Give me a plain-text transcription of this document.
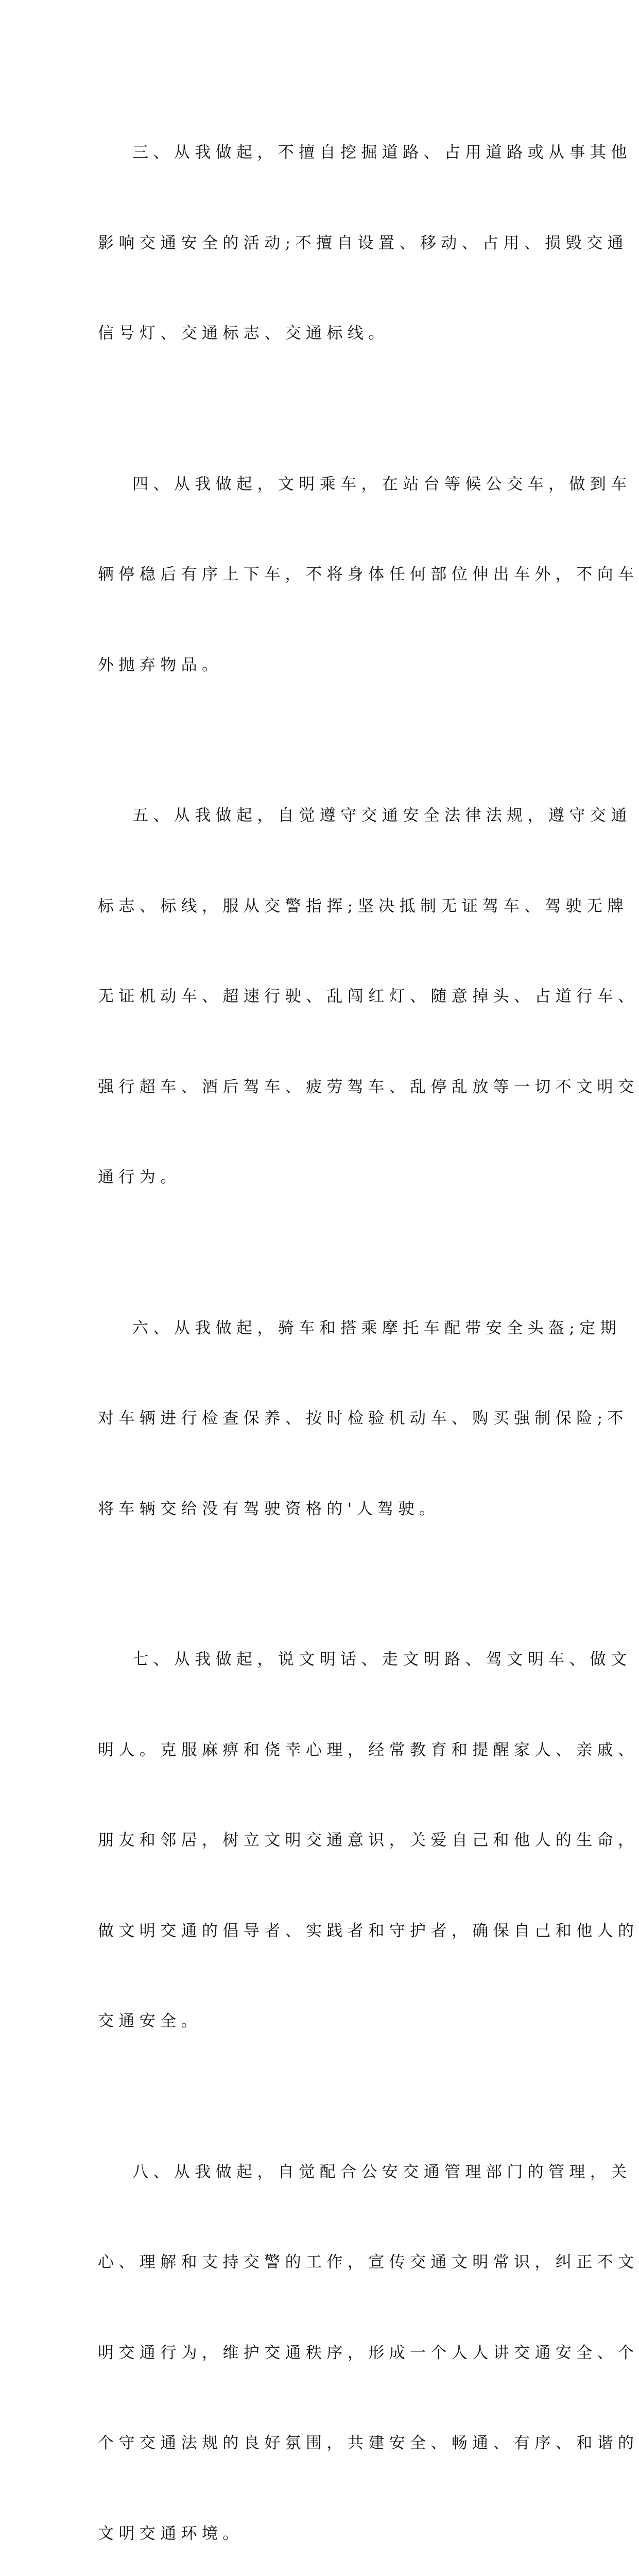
三、从我做起，不擅自挖掘道路、占用道路或从事其他

影响交通安全的活动;不擅自设置、移动、占用、损毁交通

信号灯、交通标志、交通标线。

四、从我做起，文明乘车，在站台等候公交车，做到车

辆停稳后有序上下车，不将身体任何部位伸出车外，不向车

外抛弃物品。

五、从我做起，自觉遵守交通安全法律法规，遵守交通

标志、标线，服从交警指挥;坚决抵制无证驾车、驾驶无牌

无证机动车、超速行驶、乱闯红灯、随意掉头、占道行车、

强行超车、酒后驾车、疲劳驾车、乱停乱放等一切不文明交

通行为。

六、从我做起，骑车和搭乘摩托车配带安全头盔;定期

对车辆进行检查保养、按时检验机动车、购买强制保险;不

将车辆交给没有驾驶资格的'人驾驶。

七、从我做起，说文明话、走文明路、驾文明车、做文

明人。克服麻痹和侥幸心理，经常教育和提醒家人、亲戚、

朋友和邻居，树立文明交通意识，关爱自己和他人的生命，

做文明交通的倡导者、实践者和守护者，确保自己和他人的

交通安全。

八、从我做起，自觉配合公安交通管理部门的管理，关

心、理解和支持交警的工作，宣传交通文明常识，纠正不文

明交通行为，维护交通秩序，形成一个人人讲交通安全、个

个守交通法规的良好氛围，共建安全、畅通、有序、和谐的

文明交通环境。
